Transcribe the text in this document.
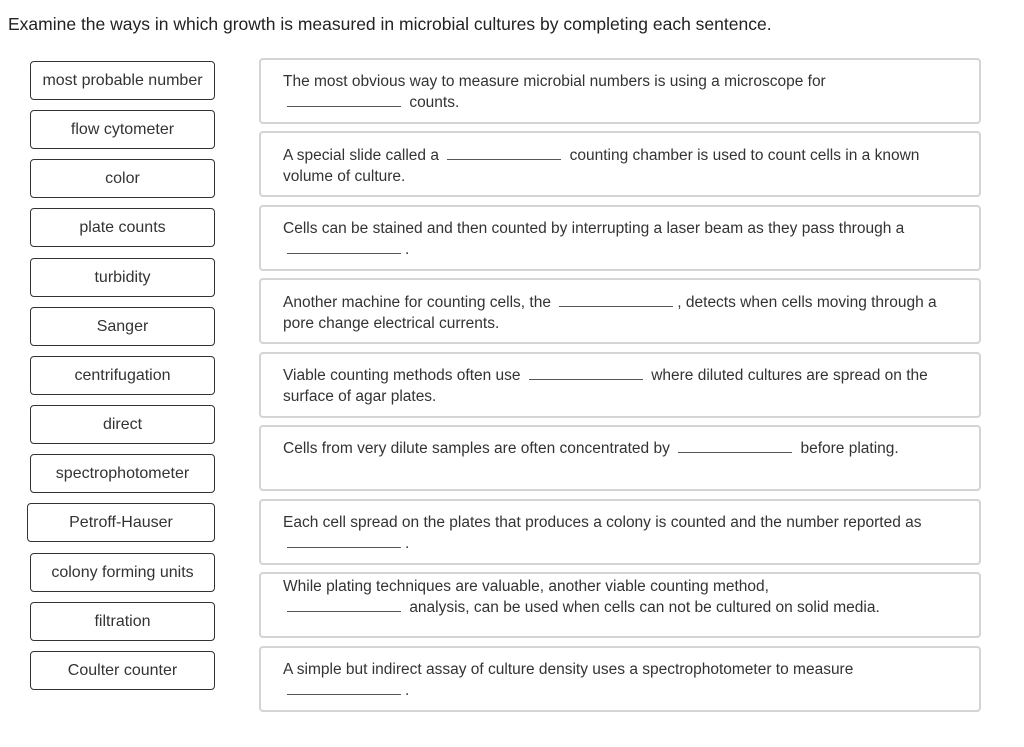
Examine the ways in which growth is measured in microbial cultures by completing each sentence.
most probable number
flow cytometer
color
plate counts
turbidity
Sanger
centrifugation
direct
spectrophotometer
Petroff-Hauser
colony forming units
filtration
Coulter counter
The most obvious way to measure microbial numbers is using a microscope for
counts.
A special slide called a	counting chamber is used to count cells in a known volume of culture.
Cells can be stained and then counted by interrupting a laser beam as they pass through a .
Another machine for counting cells, the	, detects when cells moving through a pore change electrical currents.
Viable counting methods often use	where diluted cultures are spread on the surface of agar plates.
Cells from very dilute samples are often concentrated by	before plating.
Each cell spread on the plates that produces a colony is counted and the number reported as .
While plating techniques are valuable, another viable counting method,
analysis, can be used when cells can not be cultured on solid media.
A simple but indirect assay of culture density uses a spectrophotometer to measure
.
